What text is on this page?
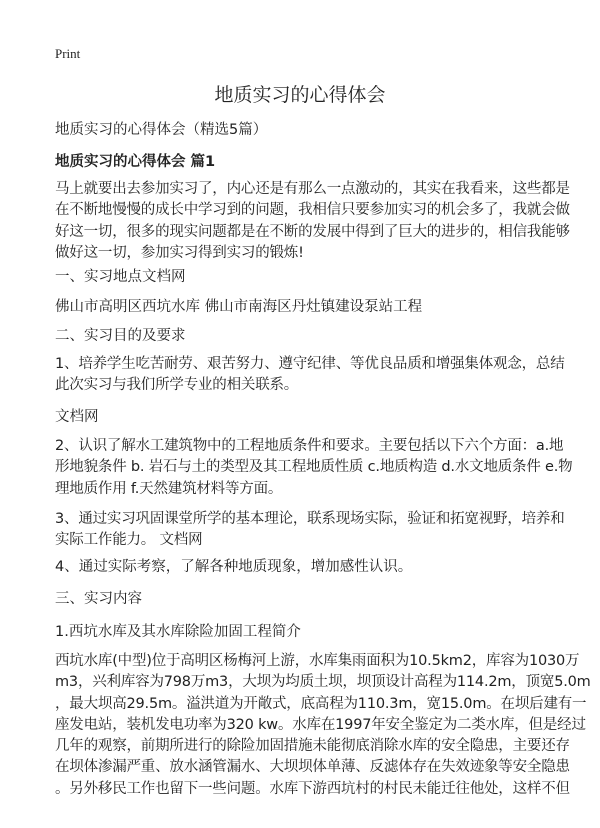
Print
地质实习的心得体会
地质实习的心得体会（精选5篇）
地质实习的心得体会 篇1
马上就要出去参加实习了，内心还是有那么一点激动的，其实在我看来，这些都是
在不断地慢慢的成长中学习到的问题，我相信只要参加实习的机会多了，我就会做
好这一切，很多的现实问题都是在不断的发展中得到了巨大的进步的，相信我能够
做好这一切，参加实习得到实习的锻炼!
一、实习地点文档网
佛山市高明区西坑水库 佛山市南海区丹灶镇建设泵站工程
二、实习目的及要求
1、培养学生吃苦耐劳、艰苦努力、遵守纪律、等优良品质和增强集体观念，总结
此次实习与我们所学专业的相关联系。
文档网
2、认识了解水工建筑物中的工程地质条件和要求。主要包括以下六个方面：a.地
形地貌条件 b. 岩石与土的类型及其工程地质性质 c.地质构造 d.水文地质条件 e.物
理地质作用 f.天然建筑材料等方面。
3、通过实习巩固课堂所学的基本理论，联系现场实际，验证和拓宽视野，培养和
实际工作能力。 文档网
4、通过实际考察，了解各种地质现象，增加感性认识。
三、实习内容
1.西坑水库及其水库除险加固工程简介
西坑水库(中型)位于高明区杨梅河上游，水库集雨面积为10.5km2，库容为1030万
m3，兴利库容为798万m3，大坝为均质土坝，坝顶设计高程为114.2m，顶宽5.0m
，最大坝高29.5m。溢洪道为开敞式，底高程为110.3m，宽15.0m。在坝后建有一
座发电站，装机发电功率为320 kw。水库在1997年安全鉴定为二类水库，但是经过
几年的观察，前期所进行的除险加固措施未能彻底消除水库的安全隐患，主要还存
在坝体渗漏严重、放水涵管漏水、大坝坝体单薄、反滤体存在失效迹象等安全隐患
。另外移民工作也留下一些问题。水库下游西坑村的村民未能迁往他处，这样不但
